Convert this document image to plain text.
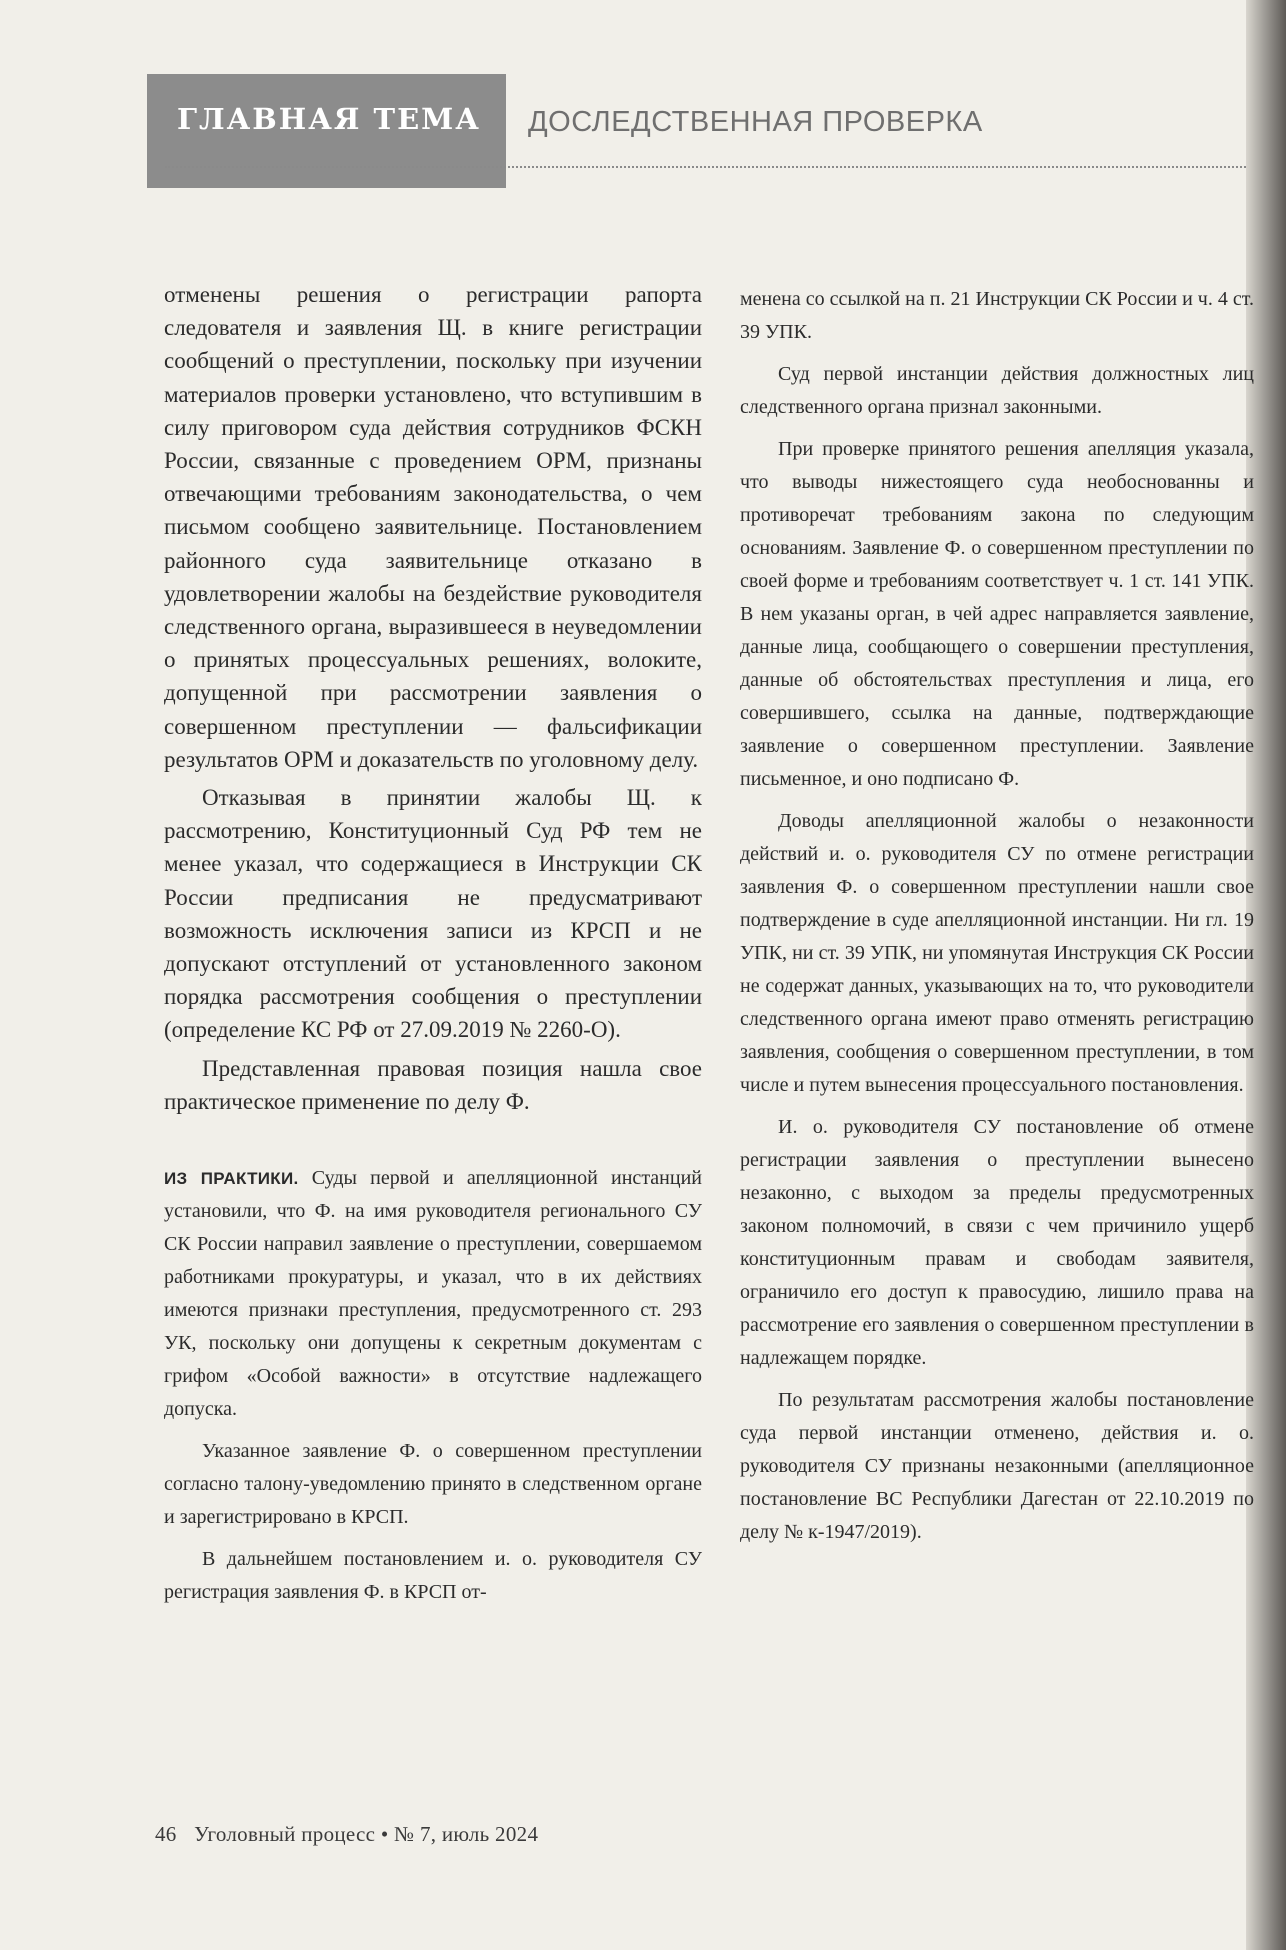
ГЛАВНАЯ ТЕМА ДОСЛЕДСТВЕННАЯ ПРОВЕРКА

отменены решения о регистрации рапорта следователя и заявления Щ. в книге регистрации сообщений о преступлении, поскольку при изучении материалов проверки установлено, что вступившим в силу приговором суда действия сотрудников ФСКН России, связанные с проведением ОРМ, признаны отвечающими требованиям законодательства, о чем письмом сообщено заявительнице. Постановлением районного суда заявительнице отказано в удовлетворении жалобы на бездействие руководителя следственного органа, выразившееся в неуведомлении о принятых процессуальных решениях, волоките, допущенной при рассмотрении заявления о совершенном преступлении — фальсификации результатов ОРМ и доказательств по уголовному делу.

Отказывая в принятии жалобы Щ. к рассмотрению, Конституционный Суд РФ тем не менее указал, что содержащиеся в Инструкции СК России предписания не предусматривают возможность исключения записи из КРСП и не допускают отступлений от установленного законом порядка рассмотрения сообщения о преступлении (определение КС РФ от 27.09.2019 № 2260-О).

Представленная правовая позиция нашла свое практическое применение по делу Ф.

ИЗ ПРАКТИКИ. Суды первой и апелляционной инстанций установили, что Ф. на имя руководителя регионального СУ СК России направил заявление о преступлении, совершаемом работниками прокуратуры, и указал, что в их действиях имеются признаки преступления, предусмотренного ст. 293 УК, поскольку они допущены к секретным документам с грифом «Особой важности» в отсутствие надлежащего допуска.

Указанное заявление Ф. о совершенном преступлении согласно талону-уведомлению принято в следственном органе и зарегистрировано в КРСП.

В дальнейшем постановлением и. о. руководителя СУ регистрация заявления Ф. в КРСП от-

менена со ссылкой на п. 21 Инструкции СК России и ч. 4 ст. 39 УПК.

Суд первой инстанции действия должностных лиц следственного органа признал законными.

При проверке принятого решения апелляция указала, что выводы нижестоящего суда необоснованны и противоречат требованиям закона по следующим основаниям. Заявление Ф. о совершенном преступлении по своей форме и требованиям соответствует ч. 1 ст. 141 УПК. В нем указаны орган, в чей адрес направляется заявление, данные лица, сообщающего о совершении преступления, данные об обстоятельствах преступления и лица, его совершившего, ссылка на данные, подтверждающие заявление о совершенном преступлении. Заявление письменное, и оно подписано Ф.

Доводы апелляционной жалобы о незаконности действий и. о. руководителя СУ по отмене регистрации заявления Ф. о совершенном преступлении нашли свое подтверждение в суде апелляционной инстанции. Ни гл. 19 УПК, ни ст. 39 УПК, ни упомянутая Инструкция СК России не содержат данных, указывающих на то, что руководители следственного органа имеют право отменять регистрацию заявления, сообщения о совершенном преступлении, в том числе и путем вынесения процессуального постановления.

И. о. руководителя СУ постановление об отмене регистрации заявления о преступлении вынесено незаконно, с выходом за пределы предусмотренных законом полномочий, в связи с чем причинило ущерб конституционным правам и свободам заявителя, ограничило его доступ к правосудию, лишило права на рассмотрение его заявления о совершенном преступлении в надлежащем порядке.

По результатам рассмотрения жалобы постановление суда первой инстанции отменено, действия и. о. руководителя СУ признаны незаконными (апелляционное постановление ВС Республики Дагестан от 22.10.2019 по делу № к-1947/2019).

46 Уголовный процесс • № 7, июль 2024
